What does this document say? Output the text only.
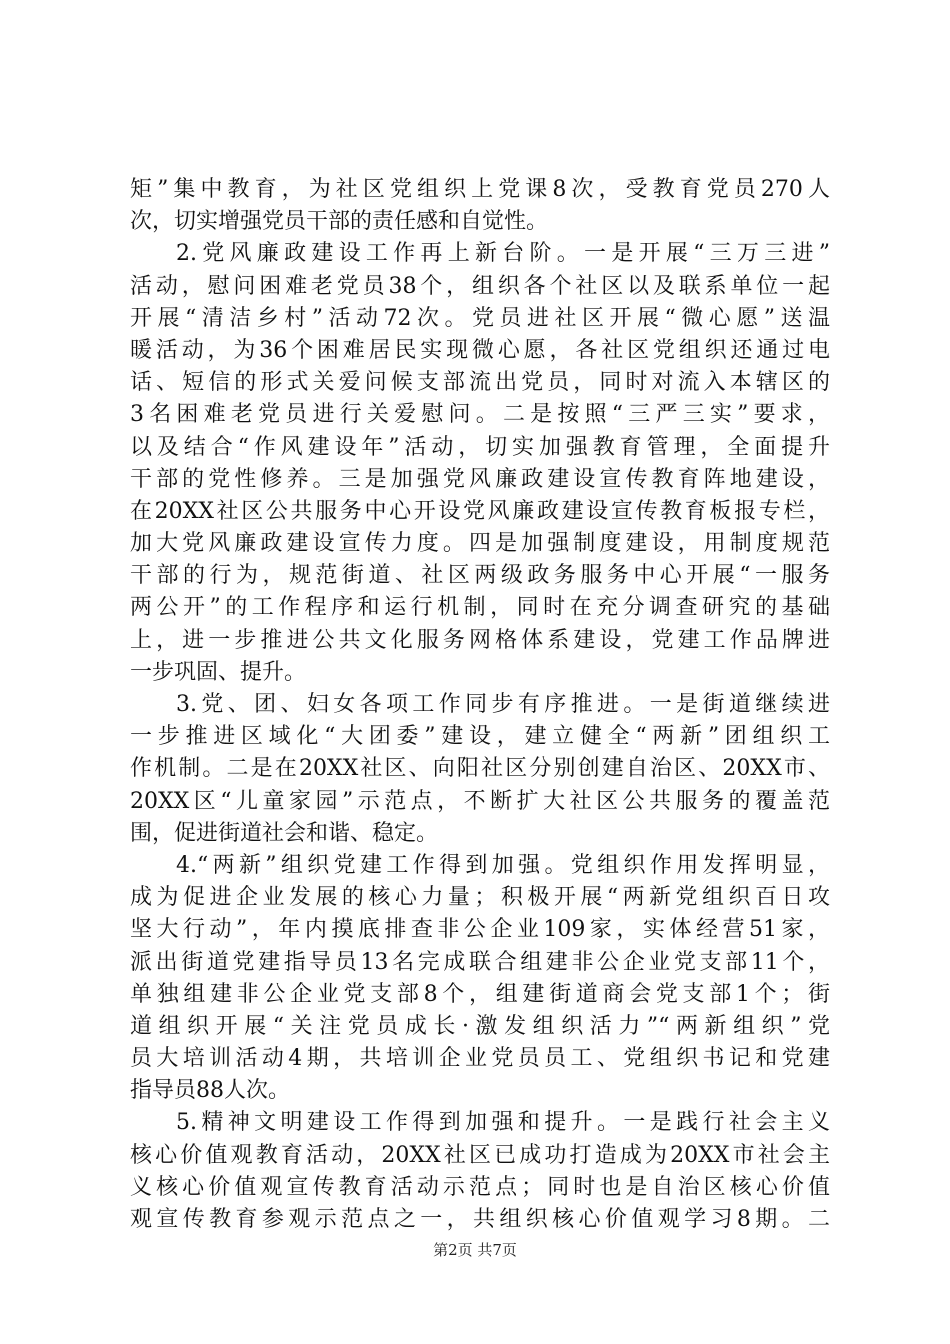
矩”集中教育，为社区党组织上党课8次，受教育党员270人
次，切实增强党员干部的责任感和自觉性。
2.党风廉政建设工作再上新台阶。一是开展“三万三进”
活动，慰问困难老党员38个，组织各个社区以及联系单位一起
开展“清洁乡村”活动72次。党员进社区开展“微心愿”送温
暖活动，为36个困难居民实现微心愿，各社区党组织还通过电
话、短信的形式关爱问候支部流出党员，同时对流入本辖区的
3名困难老党员进行关爱慰问。二是按照“三严三实”要求，
以及结合“作风建设年”活动，切实加强教育管理，全面提升
干部的党性修养。三是加强党风廉政建设宣传教育阵地建设，
在20XX社区公共服务中心开设党风廉政建设宣传教育板报专栏，
加大党风廉政建设宣传力度。四是加强制度建设，用制度规范
干部的行为，规范街道、社区两级政务服务中心开展“一服务
两公开”的工作程序和运行机制，同时在充分调查研究的基础
上，进一步推进公共文化服务网格体系建设，党建工作品牌进
一步巩固、提升。
3.党、团、妇女各项工作同步有序推进。一是街道继续进
一步推进区域化“大团委”建设，建立健全“两新”团组织工
作机制。二是在20XX社区、向阳社区分别创建自治区、20XX市、
20XX区“儿童家园”示范点，不断扩大社区公共服务的覆盖范
围，促进街道社会和谐、稳定。
4.“两新”组织党建工作得到加强。党组织作用发挥明显，
成为促进企业发展的核心力量；积极开展“两新党组织百日攻
坚大行动”，年内摸底排查非公企业109家，实体经营51家，
派出街道党建指导员13名完成联合组建非公企业党支部11个，
单独组建非公企业党支部8个，组建街道商会党支部1个；街
道组织开展“关注党员成长·激发组织活力”“两新组织”党
员大培训活动4期，共培训企业党员员工、党组织书记和党建
指导员88人次。
5.精神文明建设工作得到加强和提升。一是践行社会主义
核心价值观教育活动，20XX社区已成功打造成为20XX市社会主
义核心价值观宣传教育活动示范点；同时也是自治区核心价值
观宣传教育参观示范点之一，共组织核心价值观学习8期。二
第2页 共7页
